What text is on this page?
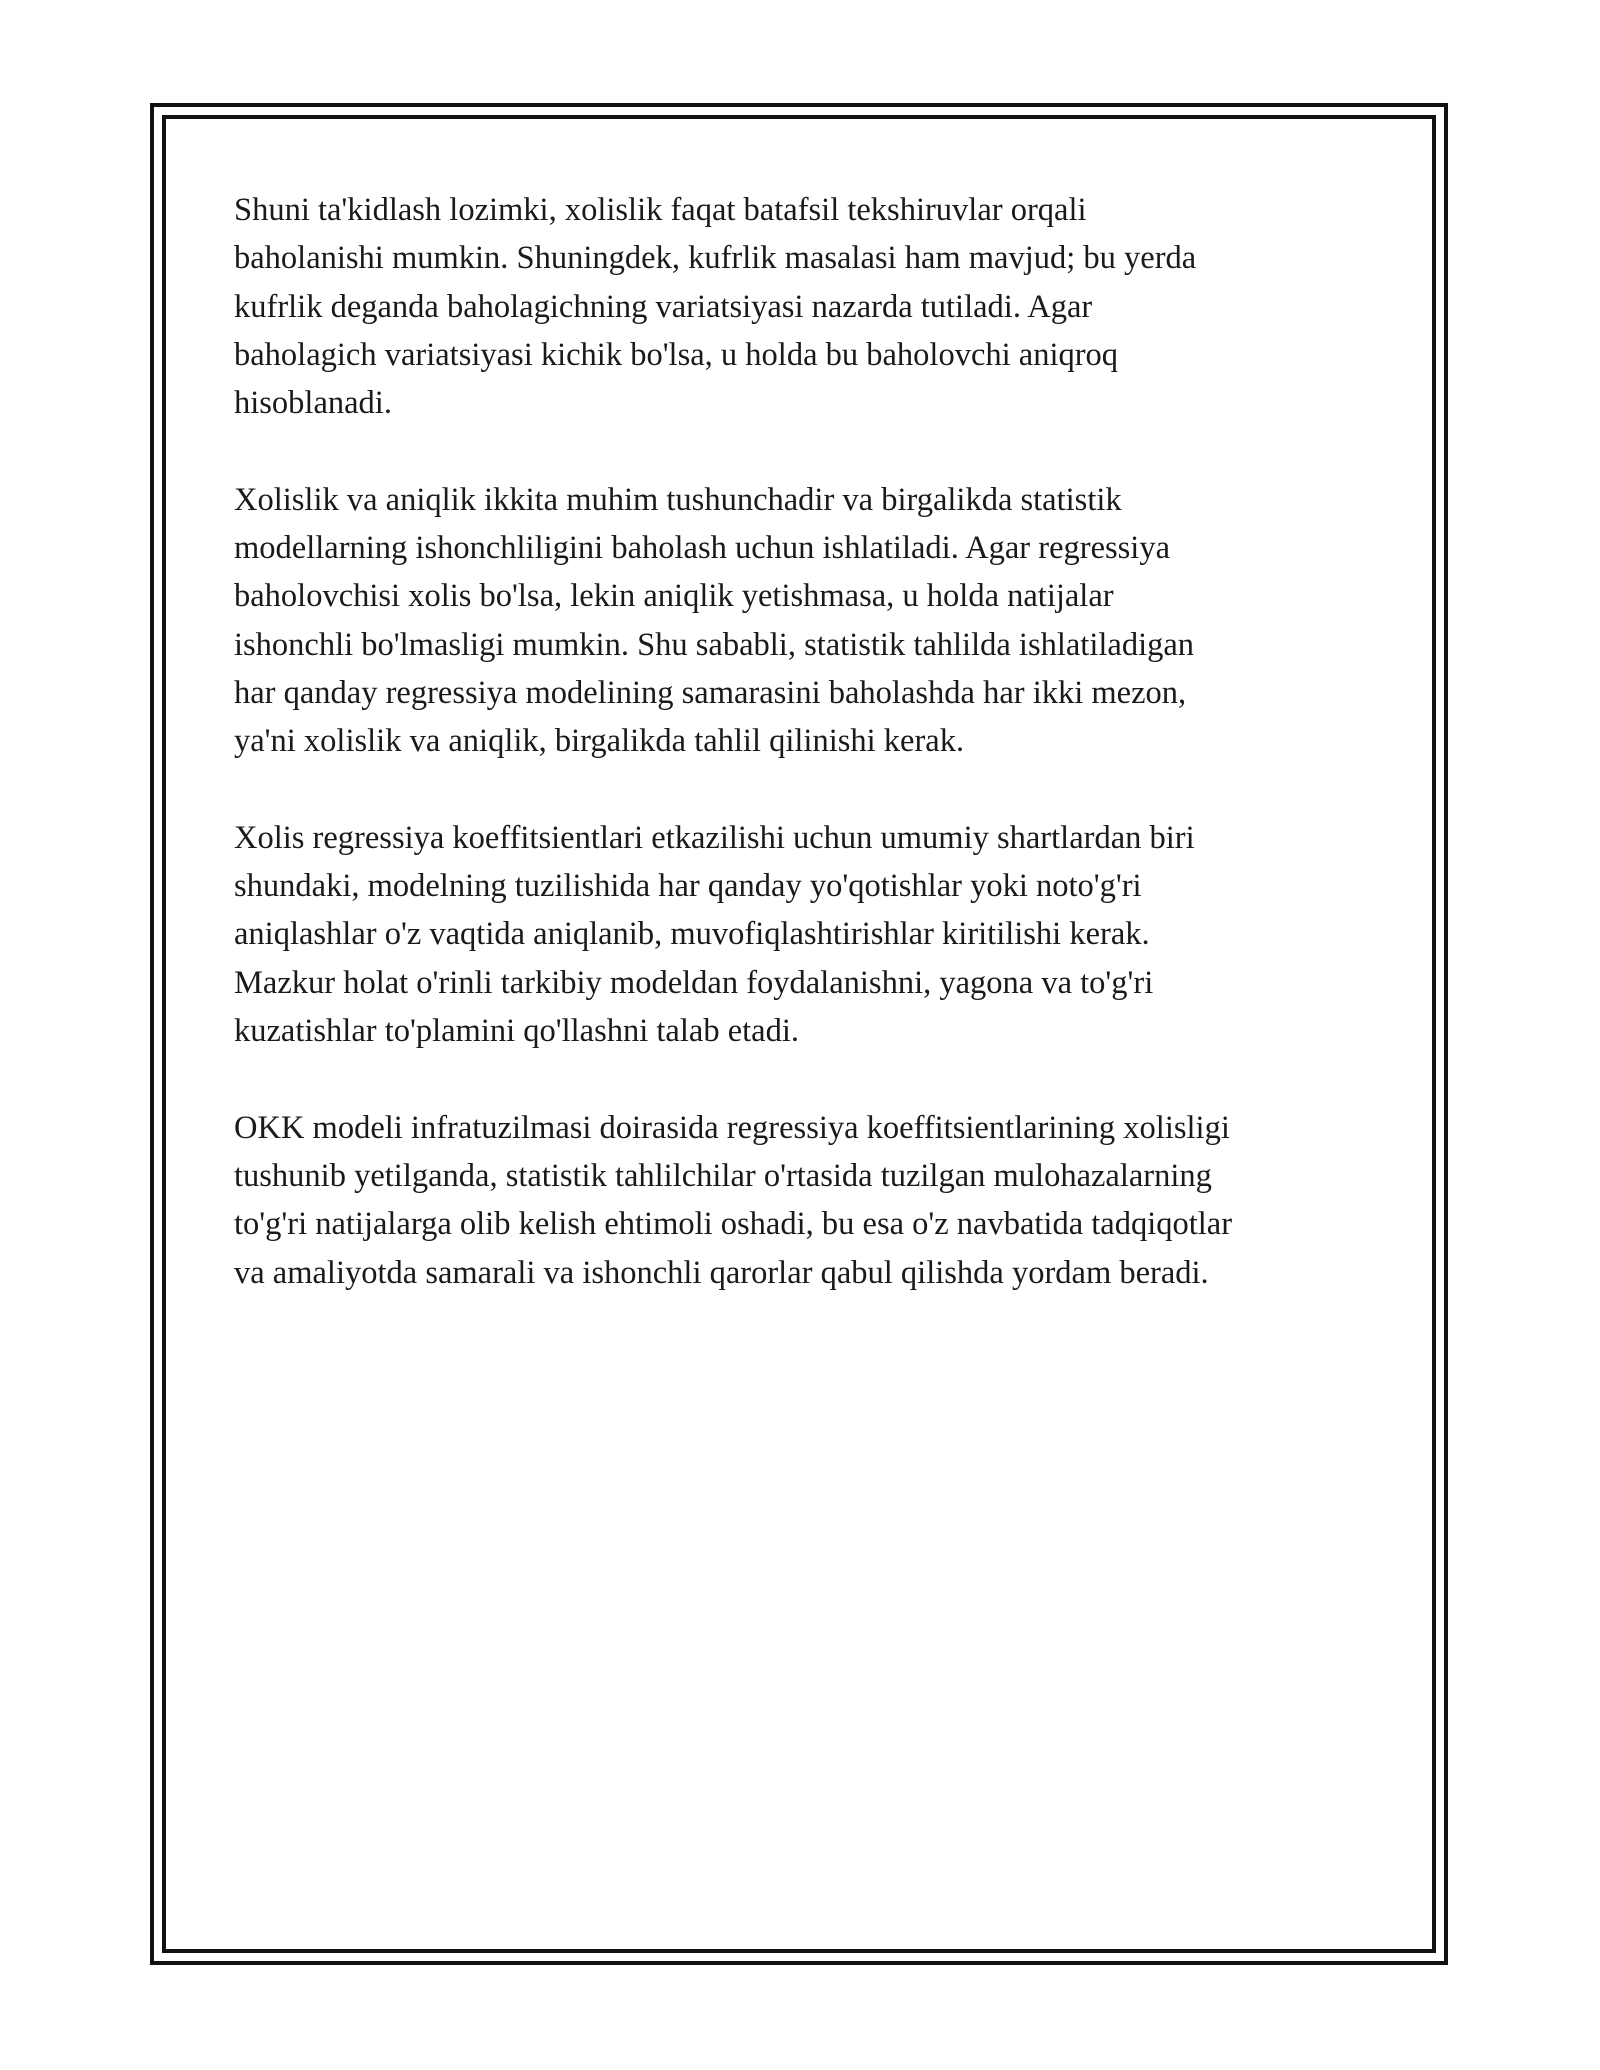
Shuni ta'kidlash lozimki, xolislik faqat batafsil tekshiruvlar orqali
baholanishi mumkin. Shuningdek, kufrlik masalasi ham mavjud; bu yerda
kufrlik deganda baholagichning variatsiyasi nazarda tutiladi. Agar
baholagich variatsiyasi kichik bo'lsa, u holda bu baholovchi aniqroq
hisoblanadi.

Xolislik va aniqlik ikkita muhim tushunchadir va birgalikda statistik
modellarning ishonchliligini baholash uchun ishlatiladi. Agar regressiya
baholovchisi xolis bo'lsa, lekin aniqlik yetishmasa, u holda natijalar
ishonchli bo'lmasligi mumkin. Shu sababli, statistik tahlilda ishlatiladigan
har qanday regressiya modelining samarasini baholashda har ikki mezon,
ya'ni xolislik va aniqlik, birgalikda tahlil qilinishi kerak.

Xolis regressiya koeffitsientlari etkazilishi uchun umumiy shartlardan biri
shundaki, modelning tuzilishida har qanday yo'qotishlar yoki noto'g'ri
aniqlashlar o'z vaqtida aniqlanib, muvofiqlashtirishlar kiritilishi kerak.
Mazkur holat o'rinli tarkibiy modeldan foydalanishni, yagona va to'g'ri
kuzatishlar to'plamini qo'llashni talab etadi.

OKK modeli infratuzilmasi doirasida regressiya koeffitsientlarining xolisligi
tushunib yetilganda, statistik tahlilchilar o'rtasida tuzilgan mulohazalarning
to'g'ri natijalarga olib kelish ehtimoli oshadi, bu esa o'z navbatida tadqiqotlar
va amaliyotda samarali va ishonchli qarorlar qabul qilishda yordam beradi.
